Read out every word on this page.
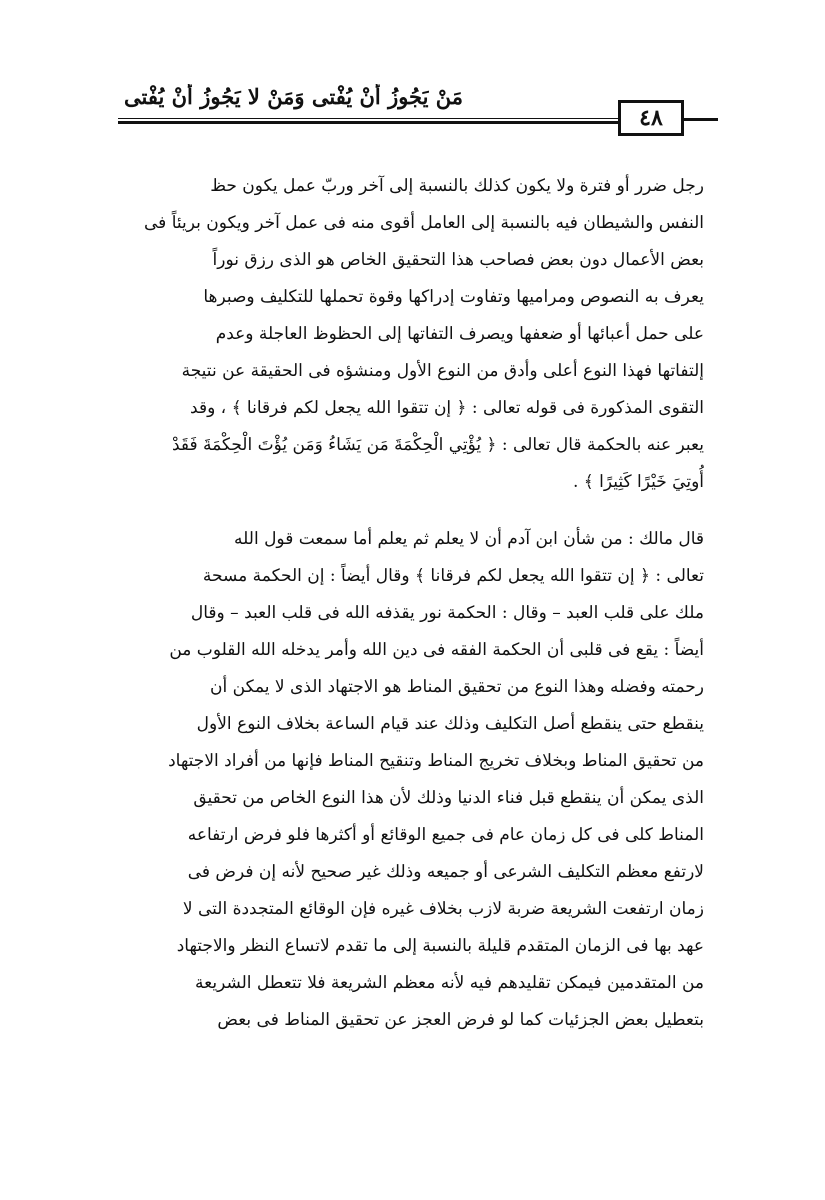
مَنْ يَجُوزُ أَنْ يُفْتى وَمَنْ لا يَجُوزُ أَنْ يُفْتى
٤٨
رجل ضرر أو فترة ولا يكون كذلك بالنسبة إلى آخر وربّ عمل يكون حظ
النفس والشيطان فيه بالنسبة إلى العامل أقوى منه فى عمل آخر ويكون بريئاً فى
بعض الأعمال دون بعض فصاحب هذا التحقيق الخاص هو الذى رزق نوراً
يعرف به النصوص ومراميها وتفاوت إدراكها وقوة تحملها للتكليف وصبرها
على حمل أعبائها أو ضعفها ويصرف التفاتها إلى الحظوظ العاجلة وعدم
إلتفاتها فهذا النوع أعلى وأدق من النوع الأول ومنشؤه فى الحقيقة عن نتيجة
التقوى المذكورة فى قوله تعالى : ﴿ إن تتقوا الله يجعل لكم فرقانا ﴾ ، وقد
يعبر عنه بالحكمة قال تعالى : ﴿ يُؤْتِي الْحِكْمَةَ مَن يَشَاءُ وَمَن يُؤْتَ الْحِكْمَةَ فَقَدْ
أُوتِيَ خَيْرًا كَثِيرًا ﴾ .
قال مالك : من شأن ابن آدم أن لا يعلم ثم يعلم أما سمعت قول الله
تعالى : ﴿ إن تتقوا الله يجعل لكم فرقانا ﴾ وقال أيضاً : إن الحكمة مسحة
ملك على قلب العبد – وقال : الحكمة نور يقذفه الله فى قلب العبد – وقال
أيضاً : يقع فى قلبى أن الحكمة الفقه فى دين الله وأمر يدخله الله القلوب من
رحمته وفضله وهذا النوع من تحقيق المناط هو الاجتهاد الذى لا يمكن أن
ينقطع حتى ينقطع أصل التكليف وذلك عند قيام الساعة بخلاف النوع الأول
من تحقيق المناط وبخلاف تخريج المناط وتنقيح المناط فإنها من أفراد الاجتهاد
الذى يمكن أن ينقطع قبل فناء الدنيا وذلك لأن هذا النوع الخاص من تحقيق
المناط كلى فى كل زمان عام فى جميع الوقائع أو أكثرها فلو فرض ارتفاعه
لارتفع معظم التكليف الشرعى أو جميعه وذلك غير صحيح لأنه إن فرض فى
زمان ارتفعت الشريعة ضربة لازب بخلاف غيره فإن الوقائع المتجددة التى لا
عهد بها فى الزمان المتقدم قليلة بالنسبة إلى ما تقدم لاتساع النظر والاجتهاد
من المتقدمين فيمكن تقليدهم فيه لأنه معظم الشريعة فلا تتعطل الشريعة
بتعطيل بعض الجزئيات كما لو فرض العجز عن تحقيق المناط فى بعض
